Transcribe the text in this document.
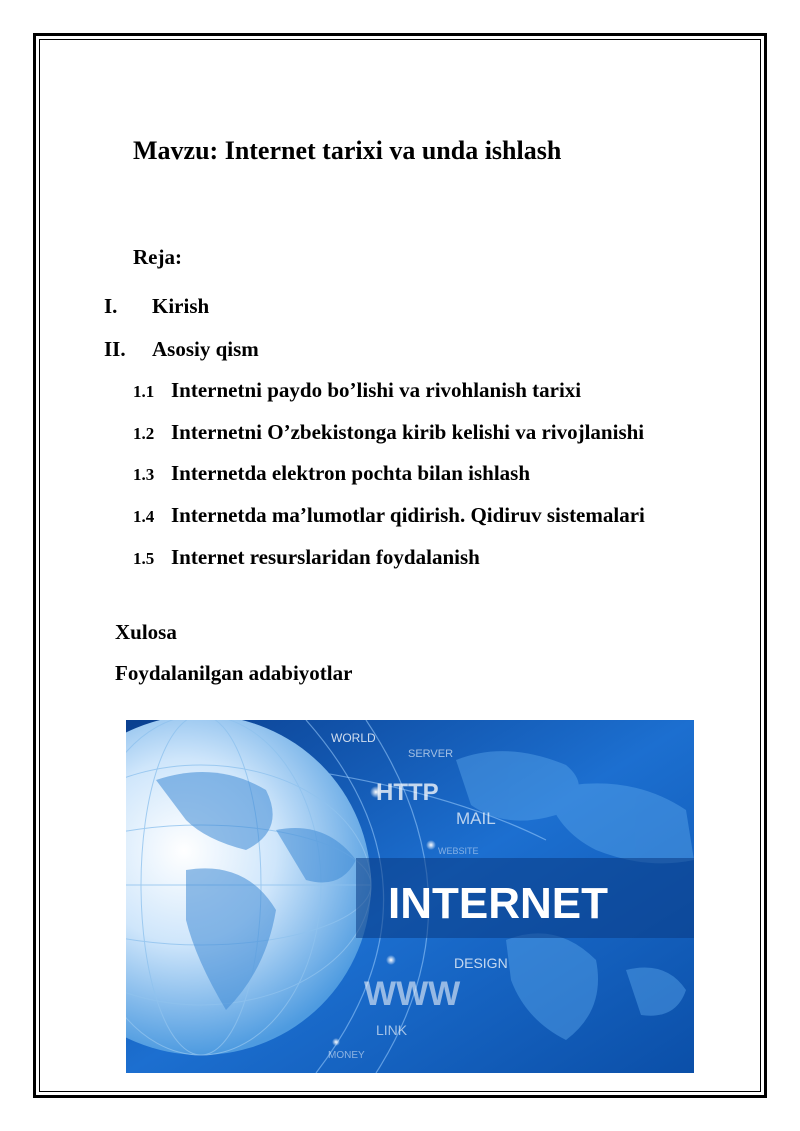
Mavzu: Internet tarixi va unda ishlash
Reja:
I. Kirish
II. Asosiy qism
1.1 Internetni paydo bo’lishi va rivohlanish tarixi
1.2 Internetni O’zbekistonga kirib kelishi va rivojlanishi
1.3 Internetda elektron pochta bilan ishlash
1.4 Internetda ma’lumotlar qidirish. Qidiruv sistemalari
1.5 Internet resurslaridan foydalanish
Xulosa
Foydalanilgan adabiyotlar
WORLD
SERVER
HTTP
MAIL
WEBSITE
INTERNET
DESIGN
WWW
LINK
MONEY
